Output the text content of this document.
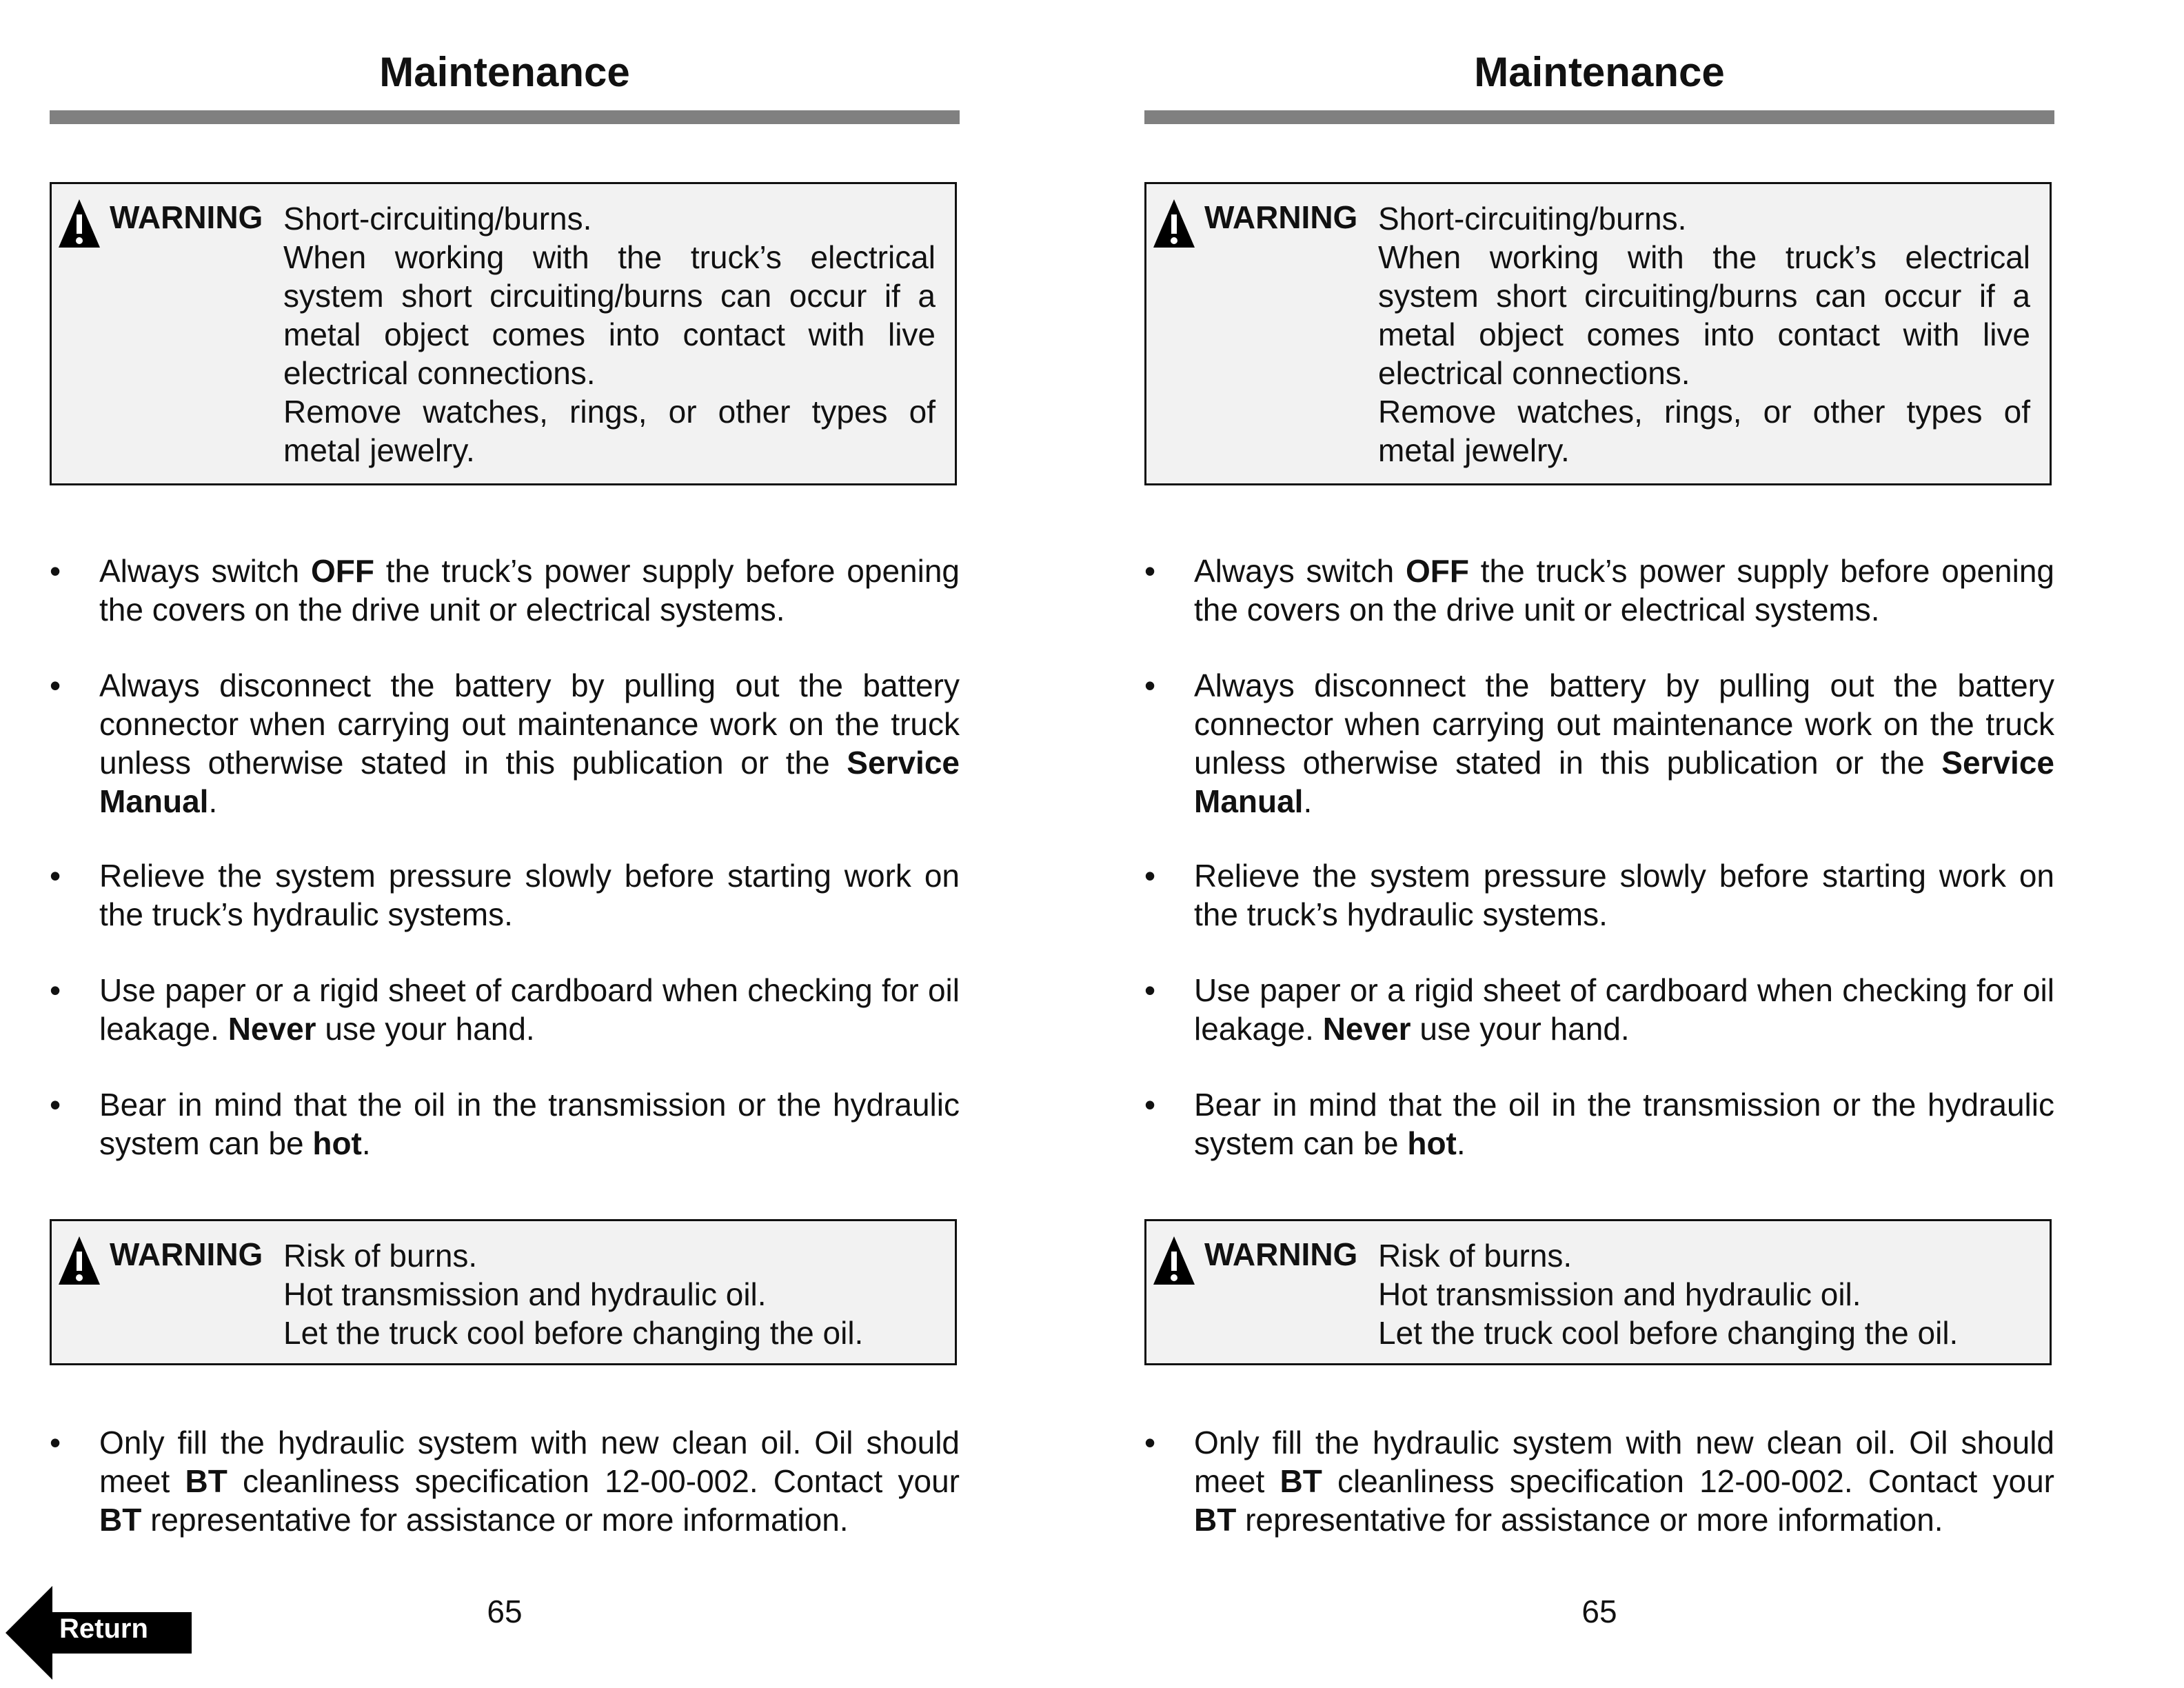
Maintenance
WARNING Short-circuiting/burns.

When working with the truck’s electrical system short circuiting/burns can occur if a metal object comes into contact with live electrical connections.

Remove watches, rings, or other types of metal jewelry.

•	Always switch OFF the truck’s power supply before opening the covers on the drive unit or electrical systems.
•	Always disconnect the battery by pulling out the battery connector when carrying out maintenance work on the truck unless otherwise stated in this publication or the Service Manual.
•	Relieve the system pressure slowly before starting work on the truck’s hydraulic systems.
•	Use paper or a rigid sheet of cardboard when checking for oil leakage. Never use your hand.
•	Bear in mind that the oil in the transmission or the hydraulic system can be hot.
WARNING Risk of burns.

Hot transmission and hydraulic oil.

Let the truck cool before changing the oil.

•	Only fill the hydraulic system with new clean oil. Oil should meet BT cleanliness specification 12-00-002. Contact your BT representative for assistance or more information.
65
Maintenance
WARNING Short-circuiting/burns.

When working with the truck’s electrical system short circuiting/burns can occur if a metal object comes into contact with live electrical connections.

Remove watches, rings, or other types of metal jewelry.

•	Always switch OFF the truck’s power supply before opening the covers on the drive unit or electrical systems.
•	Always disconnect the battery by pulling out the battery connector when carrying out maintenance work on the truck unless otherwise stated in this publication or the Service Manual.
•	Relieve the system pressure slowly before starting work on the truck’s hydraulic systems.
•	Use paper or a rigid sheet of cardboard when checking for oil leakage. Never use your hand.
•	Bear in mind that the oil in the transmission or the hydraulic system can be hot.
WARNING Risk of burns.

Hot transmission and hydraulic oil.

Let the truck cool before changing the oil.

•	Only fill the hydraulic system with new clean oil. Oil should meet BT cleanliness specification 12-00-002. Contact your BT representative for assistance or more information.
65
Return
